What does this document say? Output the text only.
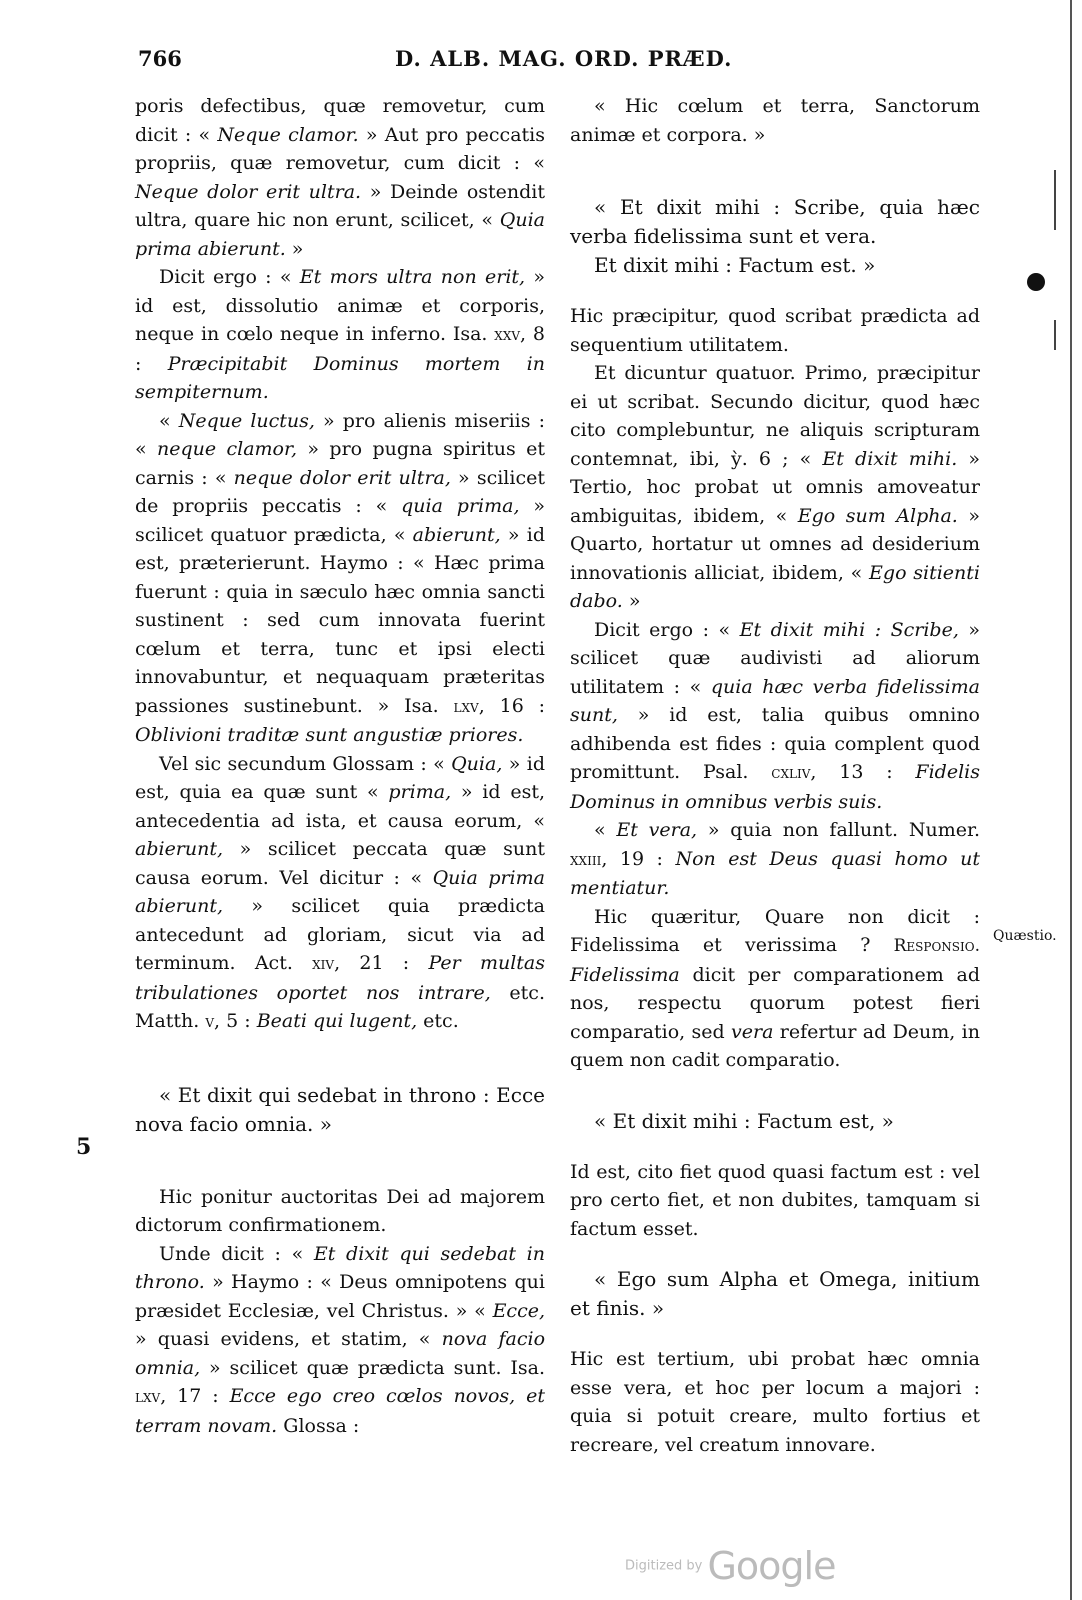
766	D. ALB. MAG. ORD. PRÆD.

poris defectibus, quæ removetur, cum dicit : « Neque clamor. » Aut pro peccatis propriis, quæ removetur, cum dicit : « Neque dolor erit ultra. » Deinde ostendit ultra, quare hic non erunt, scilicet, « Quia prima abierunt. »

Dicit ergo : « Et mors ultra non erit, » id est, dissolutio animæ et corporis, neque in cœlo neque in inferno. Isa. xxv, 8 : Præcipitabit Dominus mortem in sempiternum.

« Neque luctus, » pro alienis miseriis : « neque clamor, » pro pugna spiritus et carnis : « neque dolor erit ultra, » scilicet de propriis peccatis : « quia prima, » scilicet quatuor prædicta, « abierunt, » id est, præterierunt. Haymo : « Hæc prima fuerunt : quia in sæculo hæc omnia sancti sustinent : sed cum innovata fuerint cœlum et terra, tunc et ipsi electi innovabuntur, et nequaquam præteritas passiones sustinebunt. » Isa. lxv, 16 : Oblivioni traditæ sunt angustiæ priores.

Vel sic secundum Glossam : « Quia, » id est, quia ea quæ sunt « prima, » id est, antecedentia ad ista, et causa eorum, « abierunt, » scilicet peccata quæ sunt causa eorum. Vel dicitur : « Quia prima abierunt, » scilicet quia prædicta antecedunt ad gloriam, sicut via ad terminum. Act. xiv, 21 : Per multas tribulationes oportet nos intrare, etc. Matth. v, 5 : Beati qui lugent, etc.

« Et dixit qui sedebat in throno : Ecce nova facio omnia. »

Hic ponitur auctoritas Dei ad majorem dictorum confirmationem.

Unde dicit : « Et dixit qui sedebat in throno. » Haymo : « Deus omnipotens qui præsidet Ecclesiæ, vel Christus. » « Ecce, » quasi evidens, et statim, « nova facio omnia, » scilicet quæ prædicta sunt. Isa. lxv, 17 : Ecce ego creo cœlos novos, et terram novam. Glossa :

« Hic cœlum et terra, Sanctorum animæ et corpora. »

« Et dixit mihi : Scribe, quia hæc verba fidelissima sunt et vera.

Et dixit mihi : Factum est. »

Hic præcipitur, quod scribat prædicta ad sequentium utilitatem.

Et dicuntur quatuor. Primo, præcipitur ei ut scribat. Secundo dicitur, quod hæc cito complebuntur, ne aliquis scripturam contemnat, ibi, ỳ. 6 ; « Et dixit mihi. » Tertio, hoc probat ut omnis amoveatur ambiguitas, ibidem, « Ego sum Alpha. » Quarto, hortatur ut omnes ad desiderium innovationis alliciat, ibidem, « Ego sitienti dabo. »

Dicit ergo : « Et dixit mihi : Scribe, » scilicet quæ audivisti ad aliorum utilitatem : « quia hæc verba fidelissima sunt, » id est, talia quibus omnino adhibenda est fides : quia complent quod promittunt. Psal. cxliv, 13 : Fidelis Dominus in omnibus verbis suis.

« Et vera, » quia non fallunt. Numer. xxiii, 19 : Non est Deus quasi homo ut mentiatur.

Hic quæritur, Quare non dicit : Fidelissima et verissima ? Responsio. Fidelissima dicit per comparationem ad nos, respectu quorum potest fieri comparatio, sed vera refertur ad Deum, in quem non cadit comparatio.

« Et dixit mihi : Factum est, »

Id est, cito fiet quod quasi factum est : vel pro certo fiet, et non dubites, tamquam si factum esset.

« Ego sum Alpha et Omega, initium et finis. »

Hic est tertium, ubi probat hæc omnia esse vera, et hoc per locum a majori : quia si potuit creare, multo fortius et recreare, vel creatum innovare.

Quæstio.
5
Digitized by Google
